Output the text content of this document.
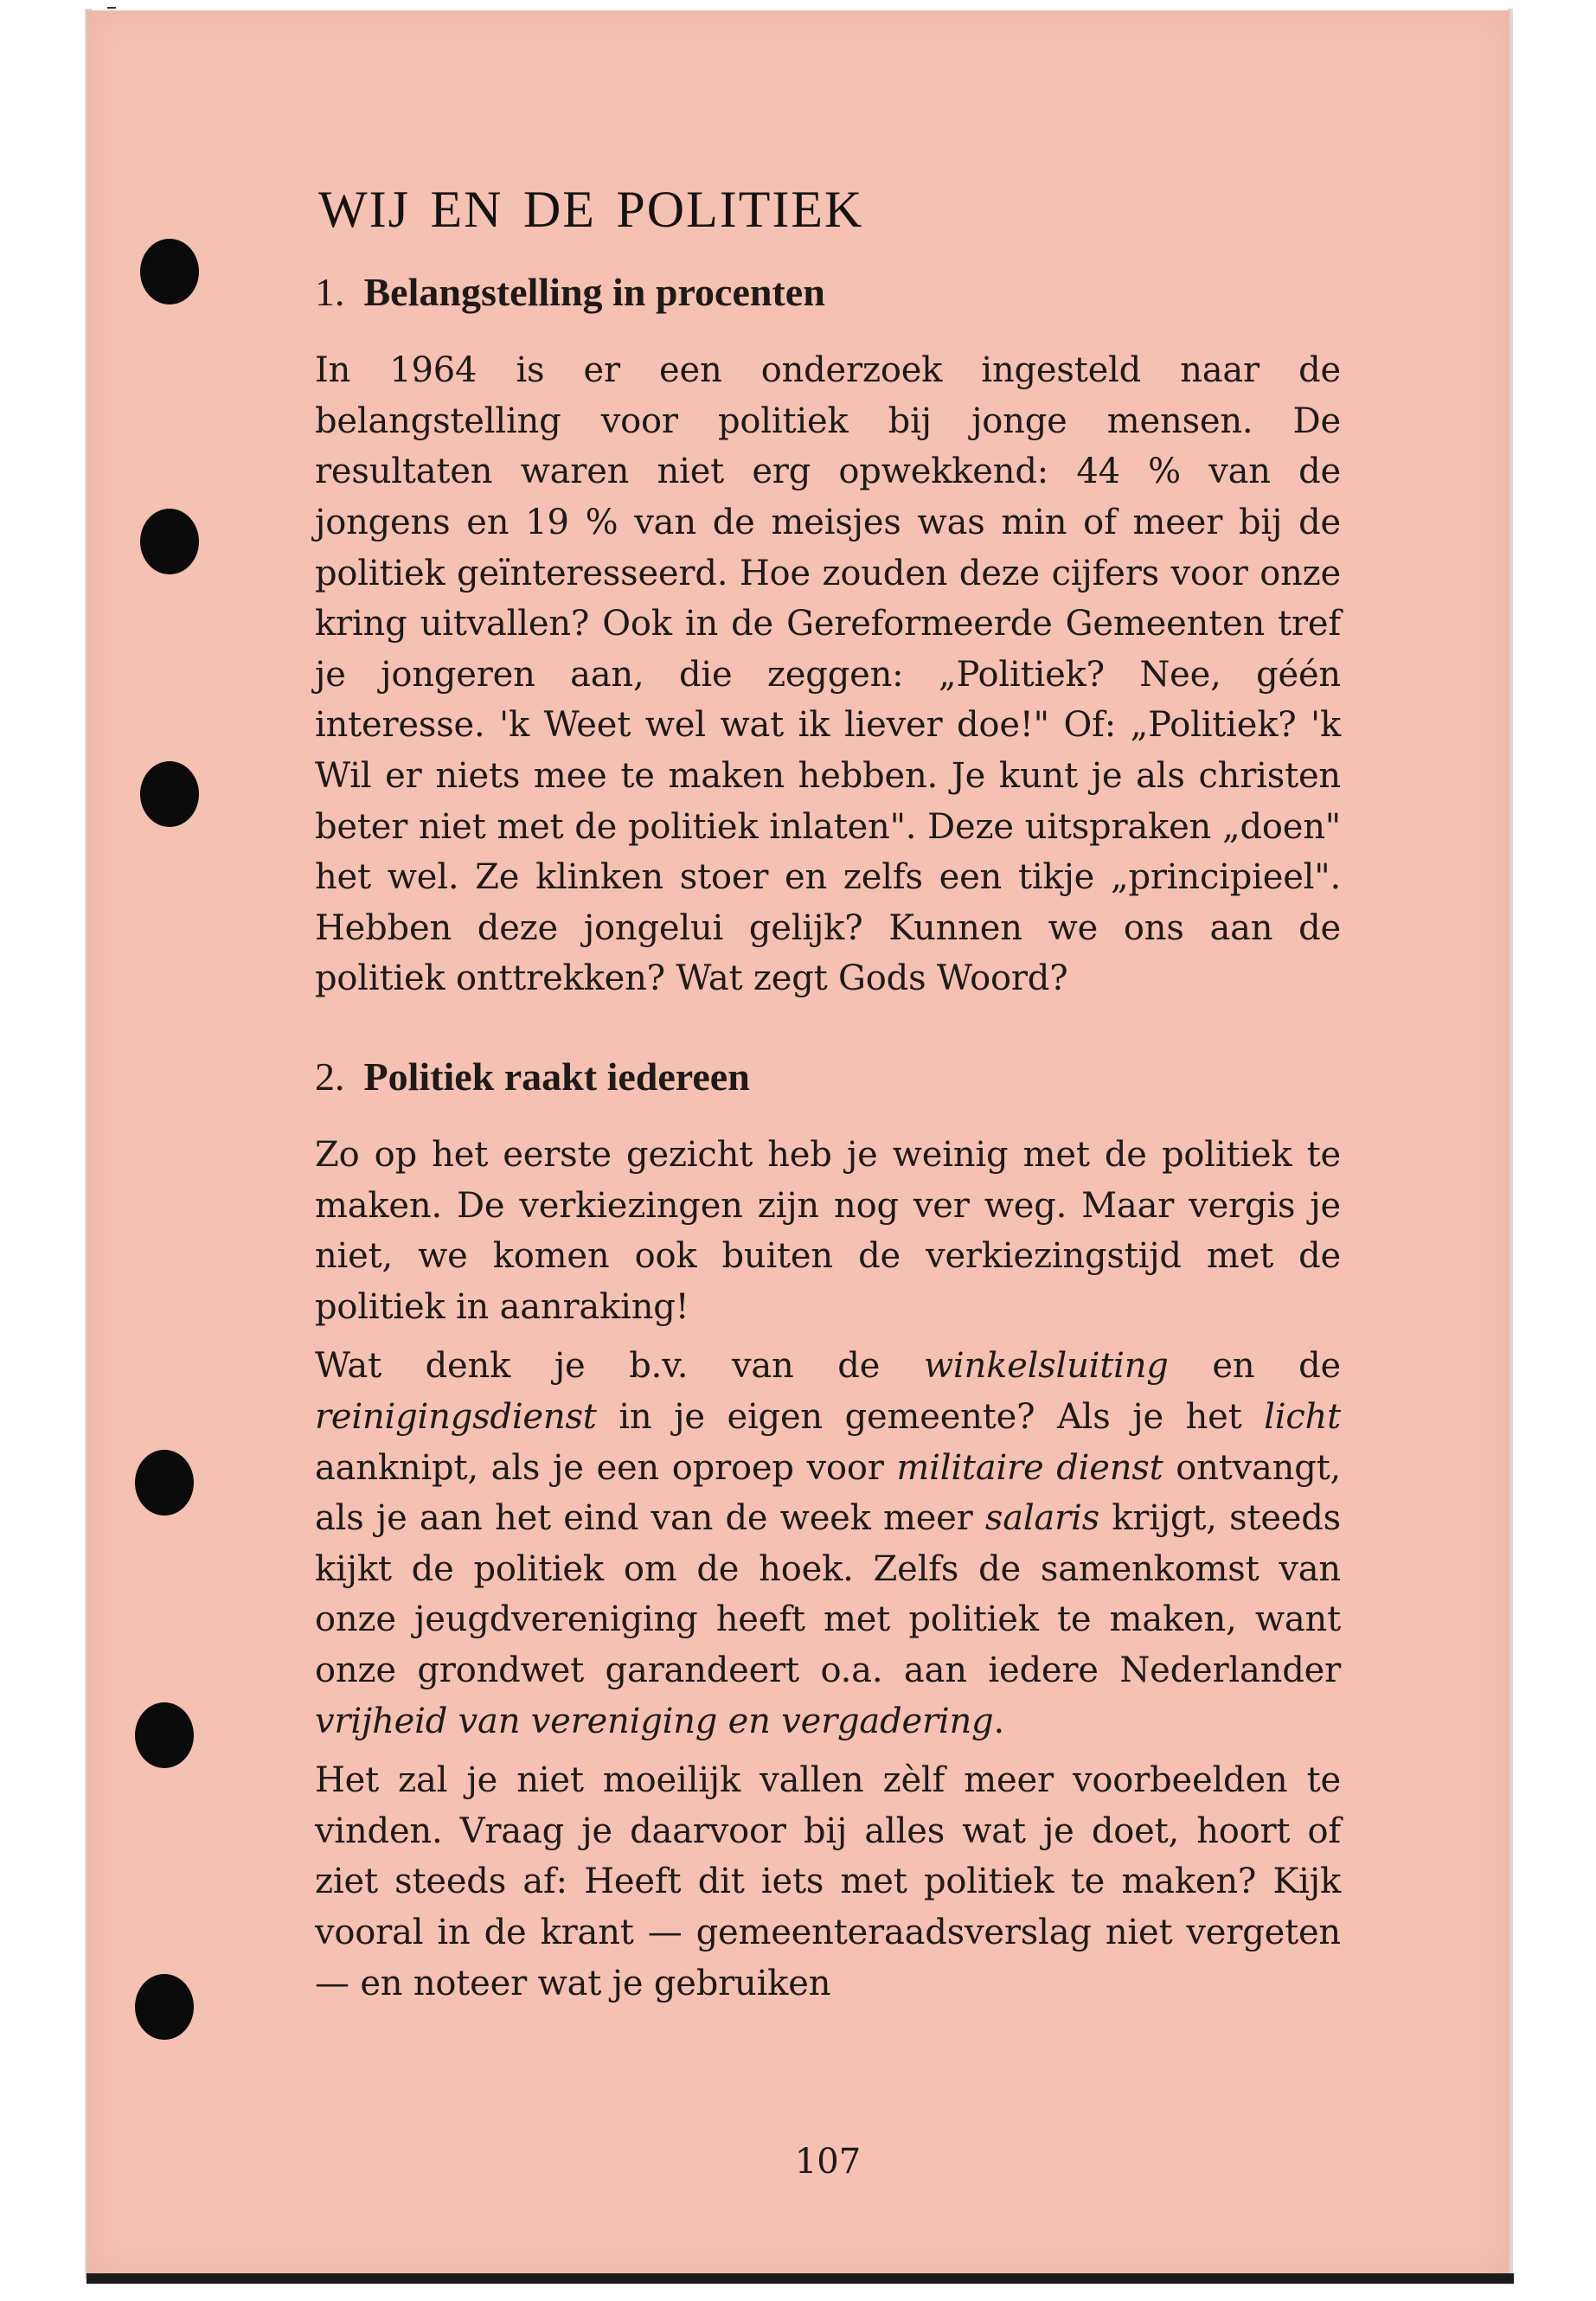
wij en de politiek
1. Belangstelling in procenten

In 1964 is er een onderzoek ingesteld naar de belangstelling voor politiek bij jonge mensen. De resultaten waren niet erg opwekkend: 44 % van de jongens en 19 % van de meisjes was min of meer bij de politiek geïnteresseerd. Hoe zouden deze cijfers voor onze kring uitvallen? Ook in de Gereformeerde Gemeenten tref je jongeren aan, die zeggen: „Politiek? Nee, géén interesse. 'k Weet wel wat ik liever doe!" Of: „Politiek? 'k Wil er niets mee te maken hebben. Je kunt je als christen beter niet met de politiek inlaten". Deze uitspraken „doen" het wel. Ze klinken stoer en zelfs een tikje „principieel". Hebben deze jongelui gelijk? Kunnen we ons aan de politiek onttrekken? Wat zegt Gods Woord?

2. Politiek raakt iedereen

Zo op het eerste gezicht heb je weinig met de politiek te maken. De verkiezingen zijn nog ver weg. Maar vergis je niet, we komen ook buiten de verkiezingstijd met de politiek in aanraking!

Wat denk je b.v. van de winkelsluiting en de reinigingsdienst in je eigen gemeente? Als je het licht aanknipt, als je een oproep voor militaire dienst ontvangt, als je aan het eind van de week meer salaris krijgt, steeds kijkt de politiek om de hoek. Zelfs de samenkomst van onze jeugdvereniging heeft met politiek te maken, want onze grondwet garandeert o.a. aan iedere Nederlander vrijheid van vereniging en vergadering.

Het zal je niet moeilijk vallen zèlf meer voorbeelden te vinden. Vraag je daarvoor bij alles wat je doet, hoort of ziet steeds af: Heeft dit iets met politiek te maken? Kijk vooral in de krant — gemeenteraadsverslag niet vergeten — en noteer wat je gebruiken

107
